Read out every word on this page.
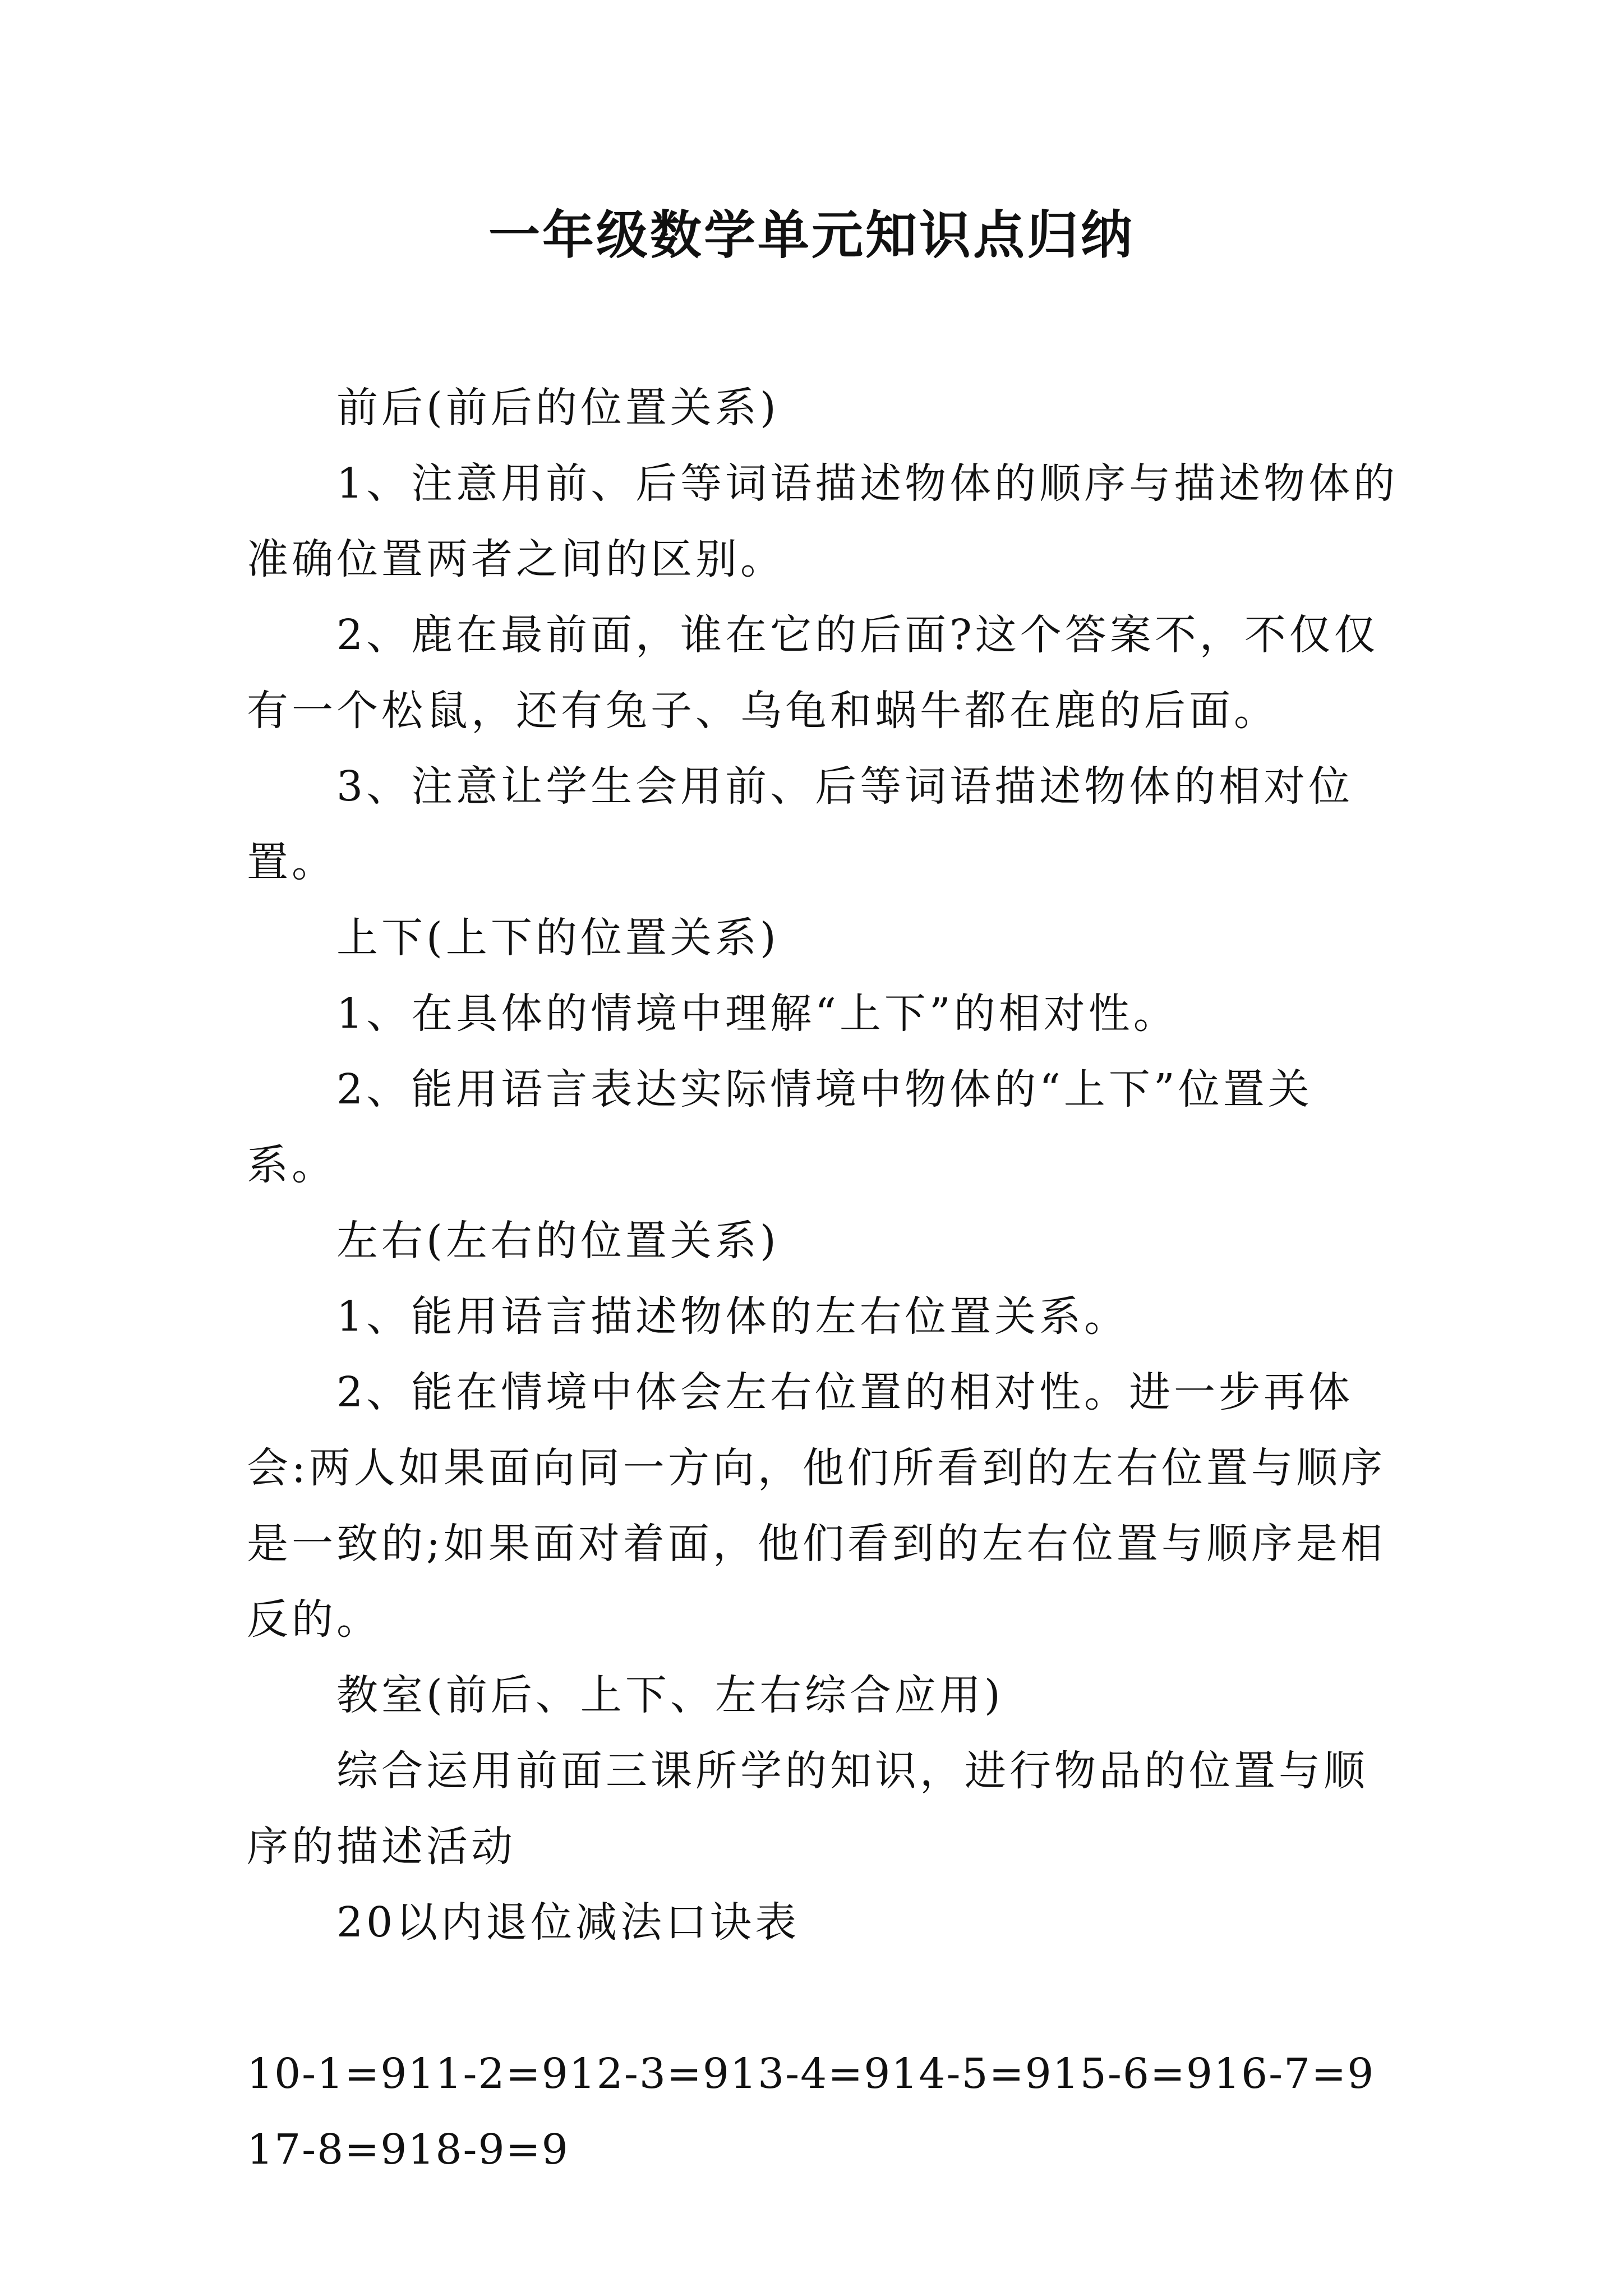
一年级数学单元知识点归纳

前后(前后的位置关系)

1、注意用前、后等词语描述物体的顺序与描述物体的准确位置两者之间的区别。

2、鹿在最前面，谁在它的后面?这个答案不，不仅仅有一个松鼠，还有兔子、乌龟和蜗牛都在鹿的后面。

3、注意让学生会用前、后等词语描述物体的相对位置。

上下(上下的位置关系)

1、在具体的情境中理解“上下”的相对性。

2、能用语言表达实际情境中物体的“上下”位置关系。

左右(左右的位置关系)

1、能用语言描述物体的左右位置关系。

2、能在情境中体会左右位置的相对性。进一步再体会:两人如果面向同一方向，他们所看到的左右位置与顺序是一致的;如果面对着面，他们看到的左右位置与顺序是相反的。

教室(前后、上下、左右综合应用)

综合运用前面三课所学的知识，进行物品的位置与顺序的描述活动

20以内退位减法口诀表

10-1=911-2=912-3=913-4=914-5=915-6=916-7=917-8=918-9=9
